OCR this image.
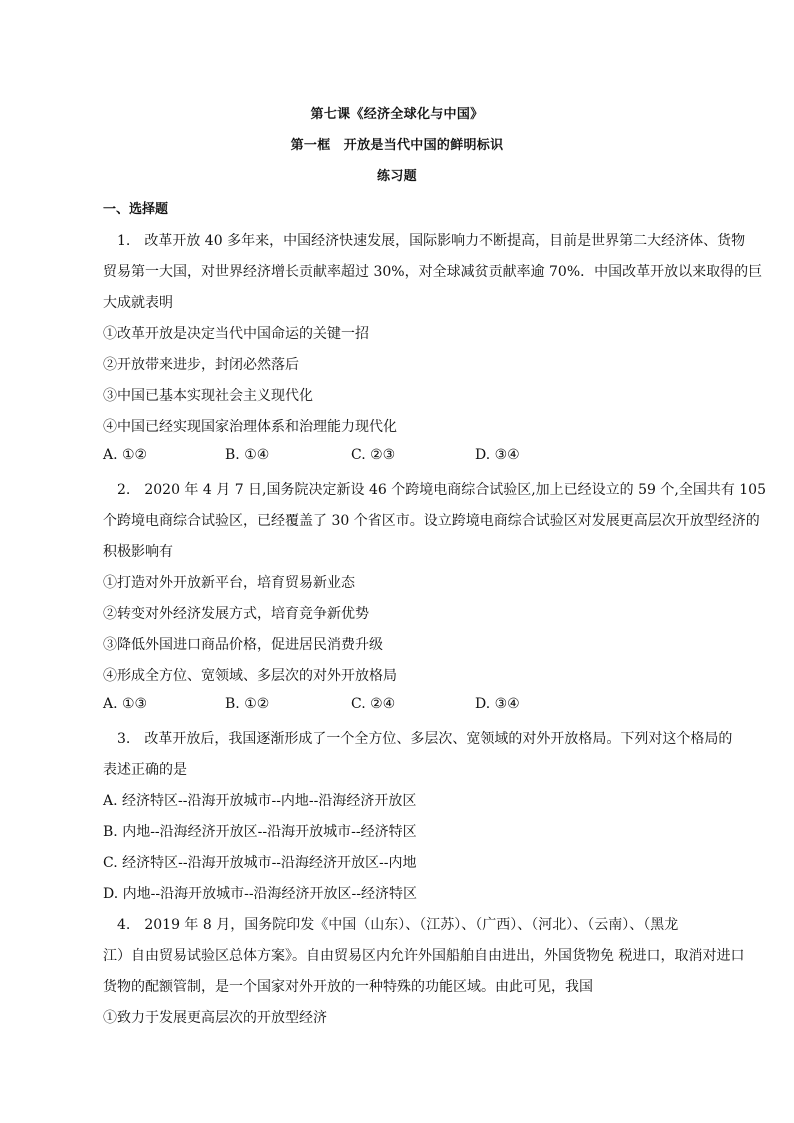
第七课《经济全球化与中国》
第一框　开放是当代中国的鲜明标识
练习题
一、选择题
　1.　改革开放 40 多年来，中国经济快速发展，国际影响力不断提高，目前是世界第二大经济体、货物
贸易第一大国，对世界经济增长贡献率超过 30%，对全球减贫贡献率逾 70%．中国改革开放以来取得的巨
大成就表明
①改革开放是决定当代中国命运的关键一招
②开放带来进步，封闭必然落后
③中国已基本实现社会主义现代化
④中国已经实现国家治理体系和治理能力现代化
A. ①②	B. ①④	C. ②③	D. ③④
　2.　2020 年 4 月 7 日,国务院决定新设 46 个跨境电商综合试验区,加上已经设立的 59 个,全国共有 105
个跨境电商综合试验区，已经覆盖了 30 个省区市。设立跨境电商综合试验区对发展更高层次开放型经济的
积极影响有
①打造对外开放新平台，培育贸易新业态
②转变对外经济发展方式，培育竞争新优势
③降低外国进口商品价格，促进居民消费升级
④形成全方位、宽领域、多层次的对外开放格局
A. ①③	B. ①②	C. ②④	D. ③④
　3.　改革开放后，我国逐渐形成了一个全方位、多层次、宽领域的对外开放格局。下列对这个格局的
表述正确的是
A. 经济特区--沿海开放城市--内地--沿海经济开放区
B. 内地--沿海经济开放区--沿海开放城市--经济特区
C. 经济特区--沿海开放城市--沿海经济开放区--内地
D. 内地--沿海开放城市--沿海经济开放区--经济特区
　4.　2019 年 8 月，国务院印发《中国（山东）、（江苏）、（广西）、（河北）、（云南）、（黑龙
江）自由贸易试验区总体方案》。自由贸易区内允许外国船舶自由进出，外国货物免 税进口，取消对进口
货物的配额管制，是一个国家对外开放的一种特殊的功能区域。由此可见，我国
①致力于发展更高层次的开放型经济
